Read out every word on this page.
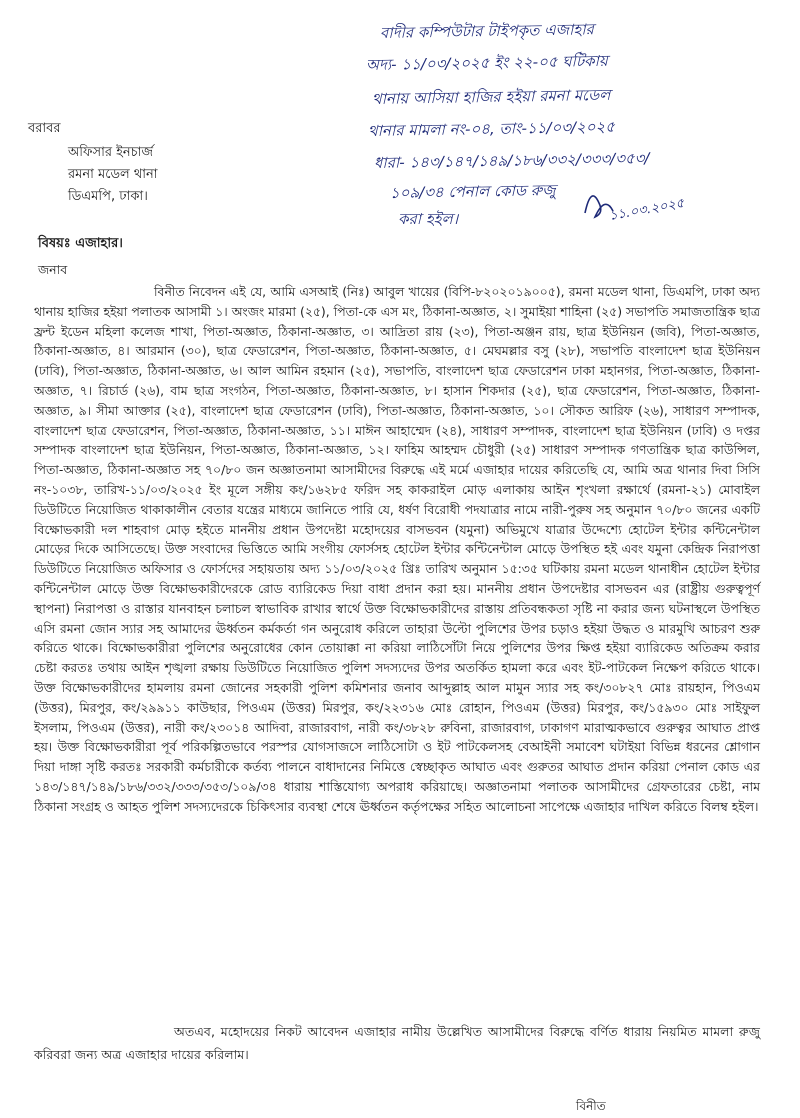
বাদীর কম্পিউটার টাইপকৃত এজাহার
অদ্য- ১১/০৩/২০২৫ ইং ২২-০৫ ঘটিকায়
থানায় আসিয়া হাজির হইয়া রমনা মডেল
থানার মামলা নং-০৪, তাং-১১/০৩/২০২৫
ধারা- ১৪৩/১৪৭/১৪৯/১৮৬/৩৩২/৩৩৩/৩৫৩/
১০৯/৩৪ পেনাল কোড রুজু
করা হইল।	১১.০৩.২০২৫
বরাবর
অফিসার ইনচার্জ
রমনা মডেল থানা
ডিএমপি, ঢাকা।
বিষয়ঃ এজাহার।
জনাব

বিনীত নিবেদন এই যে, আমি এসআই (নিঃ) আবুল খায়ের (বিপি-৮২০২০১৯০০৫), রমনা মডেল থানা, ডিএমপি, ঢাকা অদ্য থানায় হাজির হইয়া পলাতক আসামী ১। অংজং মারমা (২৫), পিতা-কে এস মং, ঠিকানা-অজ্ঞাত, ২। সুমাইয়া শাহিনা (২৫) সভাপতি সমাজতান্ত্রিক ছাত্র ফ্রন্ট ইডেন মহিলা কলেজ শাখা, পিতা-অজ্ঞাত, ঠিকানা-অজ্ঞাত, ৩। আদ্রিতা রায় (২৩), পিতা-অঞ্জন রায়, ছাত্র ইউনিয়ন (জবি), পিতা-অজ্ঞাত, ঠিকানা-অজ্ঞাত, ৪। আরমান (৩০), ছাত্র ফেডারেশন, পিতা-অজ্ঞাত, ঠিকানা-অজ্ঞাত, ৫। মেঘমল্লার বসু (২৮), সভাপতি বাংলাদেশ ছাত্র ইউনিয়ন (ঢাবি), পিতা-অজ্ঞাত, ঠিকানা-অজ্ঞাত, ৬। আল আমিন রহমান (২৫), সভাপতি, বাংলাদেশ ছাত্র ফেডারেশন ঢাকা মহানগর, পিতা-অজ্ঞাত, ঠিকানা-অজ্ঞাত, ৭। রিচার্ড (২৬), বাম ছাত্র সংগঠন, পিতা-অজ্ঞাত, ঠিকানা-অজ্ঞাত, ৮। হাসান শিকদার (২৫), ছাত্র ফেডারেশন, পিতা-অজ্ঞাত, ঠিকানা-অজ্ঞাত, ৯। সীমা আক্তার (২৫), বাংলাদেশ ছাত্র ফেডারেশন (ঢাবি), পিতা-অজ্ঞাত, ঠিকানা-অজ্ঞাত, ১০। সৌকত আরিফ (২৬), সাধারণ সম্পাদক, বাংলাদেশ ছাত্র ফেডারেশন, পিতা-অজ্ঞাত, ঠিকানা-অজ্ঞাত, ১১। মাঈন আহাম্মেদ (২৪), সাধারণ সম্পাদক, বাংলাদেশ ছাত্র ইউনিয়ন (ঢাবি) ও দপ্তর সম্পাদক বাংলাদেশ ছাত্র ইউনিয়ন, পিতা-অজ্ঞাত, ঠিকানা-অজ্ঞাত, ১২। ফাহিম আহম্মদ চৌধুরী (২৫) সাধারণ সম্পাদক গণতান্ত্রিক ছাত্র কাউন্সিল, পিতা-অজ্ঞাত, ঠিকানা-অজ্ঞাত সহ ৭০/৮০ জন অজ্ঞাতনামা আসামীদের বিরুদ্ধে এই মর্মে এজাহার দায়ের করিতেছি যে, আমি অত্র থানার দিবা সিসি নং-১০৩৮, তারিখ-১১/০৩/২০২৫ ইং মূলে সঙ্গীয় কং/১৬২৮৫ ফরিদ সহ কাকরাইল মোড় এলাকায় আইন শৃংখলা রক্ষার্থে (রমনা-২১) মোবাইল ডিউটিতে নিয়োজিত থাকাকালীন বেতার যন্ত্রের মাধ্যমে জানিতে পারি যে, ধর্ষণ বিরোধী পদযাত্রার নামে নারী-পুরুষ সহ অনুমান ৭০/৮০ জনের একটি বিক্ষোভকারী দল শাহবাগ মোড় হইতে মাননীয় প্রধান উপদেষ্টা মহোদয়ের বাসভবন (যমুনা) অভিমুখে যাত্রার উদ্দেশ্যে হোটেল ইন্টার কন্টিনেন্টাল মোড়ের দিকে আসিতেছে। উক্ত সংবাদের ভিত্তিতে আমি সংগীয় ফোর্সসহ হোটেল ইন্টার কন্টিনেন্টাল মোড়ে উপস্থিত হই এবং যমুনা কেন্দ্রিক নিরাপত্তা ডিউটিতে নিয়োজিত অফিসার ও ফোর্সদের সহায়তায় অদ্য ১১/০৩/২০২৫ খ্রিঃ তারিখ অনুমান ১৫:৩৫ ঘটিকায় রমনা মডেল থানাধীন হোটেল ইন্টার কন্টিনেন্টাল মোড়ে উক্ত বিক্ষোভকারীদেরকে রোড ব্যারিকেড দিয়া বাধা প্রদান করা হয়। মাননীয় প্রধান উপদেষ্টার বাসভবন এর (রাষ্ট্রীয় গুরুত্বপূর্ণ স্থাপনা) নিরাপত্তা ও রাস্তার যানবাহন চলাচল স্বাভাবিক রাখার স্বার্থে উক্ত বিক্ষোভকারীদের রাস্তায় প্রতিবন্ধকতা সৃষ্টি না করার জন্য ঘটনাস্থলে উপস্থিত এসি রমনা জোন স্যার সহ আমাদের ঊর্ধ্বতন কর্মকর্তা গন অনুরোধ করিলে তাহারা উল্টো পুলিশের উপর চড়াও হইয়া উদ্ধত ও মারমুখি আচরণ শুরু করিতে থাকে। বিক্ষোভকারীরা পুলিশের অনুরোধের কোন তোয়াক্কা না করিয়া লাঠিসোঁটা নিয়ে পুলিশের উপর ক্ষিপ্ত হইয়া ব্যারিকেড অতিক্রম করার চেষ্টা করতঃ তথায় আইন শৃঙ্খলা রক্ষায় ডিউটিতে নিয়োজিত পুলিশ সদস্যদের উপর অতর্কিত হামলা করে এবং ইট-পাটকেল নিক্ষেপ করিতে থাকে। উক্ত বিক্ষোভকারীদের হামলায় রমনা জোনের সহকারী পুলিশ কমিশনার জনাব আব্দুল্লাহ আল মামুন স্যার সহ কং/৩০৮২৭ মোঃ রায়হান, পিওএম (উত্তর), মিরপুর, কং/২৯৯১১ কাউছার, পিওএম (উত্তর) মিরপুর, কং/২২৩১৬ মোঃ রোহান, পিওএম (উত্তর) মিরপুর, কং/১৫৯৩০ মোঃ সাইফুল ইসলাম, পিওএম (উত্তর), নারী কং/২৩০১৪ আদিবা, রাজারবাগ, নারী কং/৩৮২৮ রুবিনা, রাজারবাগ, ঢাকাগণ মারাত্মকভাবে গুরুত্বর আঘাত প্রাপ্ত হয়। উক্ত বিক্ষোভকারীরা পূর্ব পরিকল্পিতভাবে পরস্পর যোগসাজসে লাঠিসোটা ও ইট পাটকেলসহ বেআইনী সমাবেশ ঘটাইয়া বিভিন্ন ধরনের শ্লোগান দিয়া দাঙ্গা সৃষ্টি করতঃ সরকারী কর্মচারীকে কর্তব্য পালনে বাধাদানের নিমিত্তে স্বেচ্ছাকৃত আঘাত এবং গুরুতর আঘাত প্রদান করিয়া পেনাল কোড এর ১৪৩/১৪৭/১৪৯/১৮৬/৩৩২/৩৩৩/৩৫৩/১০৯/৩৪ ধারায় শাস্তিযোগ্য অপরাধ করিয়াছে। অজ্ঞাতনামা পলাতক আসামীদের গ্রেফতারের চেষ্টা, নাম ঠিকানা সংগ্রহ ও আহত পুলিশ সদস্যদেরকে চিকিৎসার ব্যবস্থা শেষে ঊর্ধ্বতন কর্তৃপক্ষের সহিত আলোচনা সাপেক্ষে এজাহার দাখিল করিতে বিলম্ব হইল।

অতএব, মহোদয়ের নিকট আবেদন এজাহার নামীয় উল্লেখিত আসামীদের বিরুদ্ধে বর্ণিত ধারায় নিয়মিত মামলা রুজু করিবরা জন্য অত্র এজাহার দায়ের করিলাম।

বিনীত
